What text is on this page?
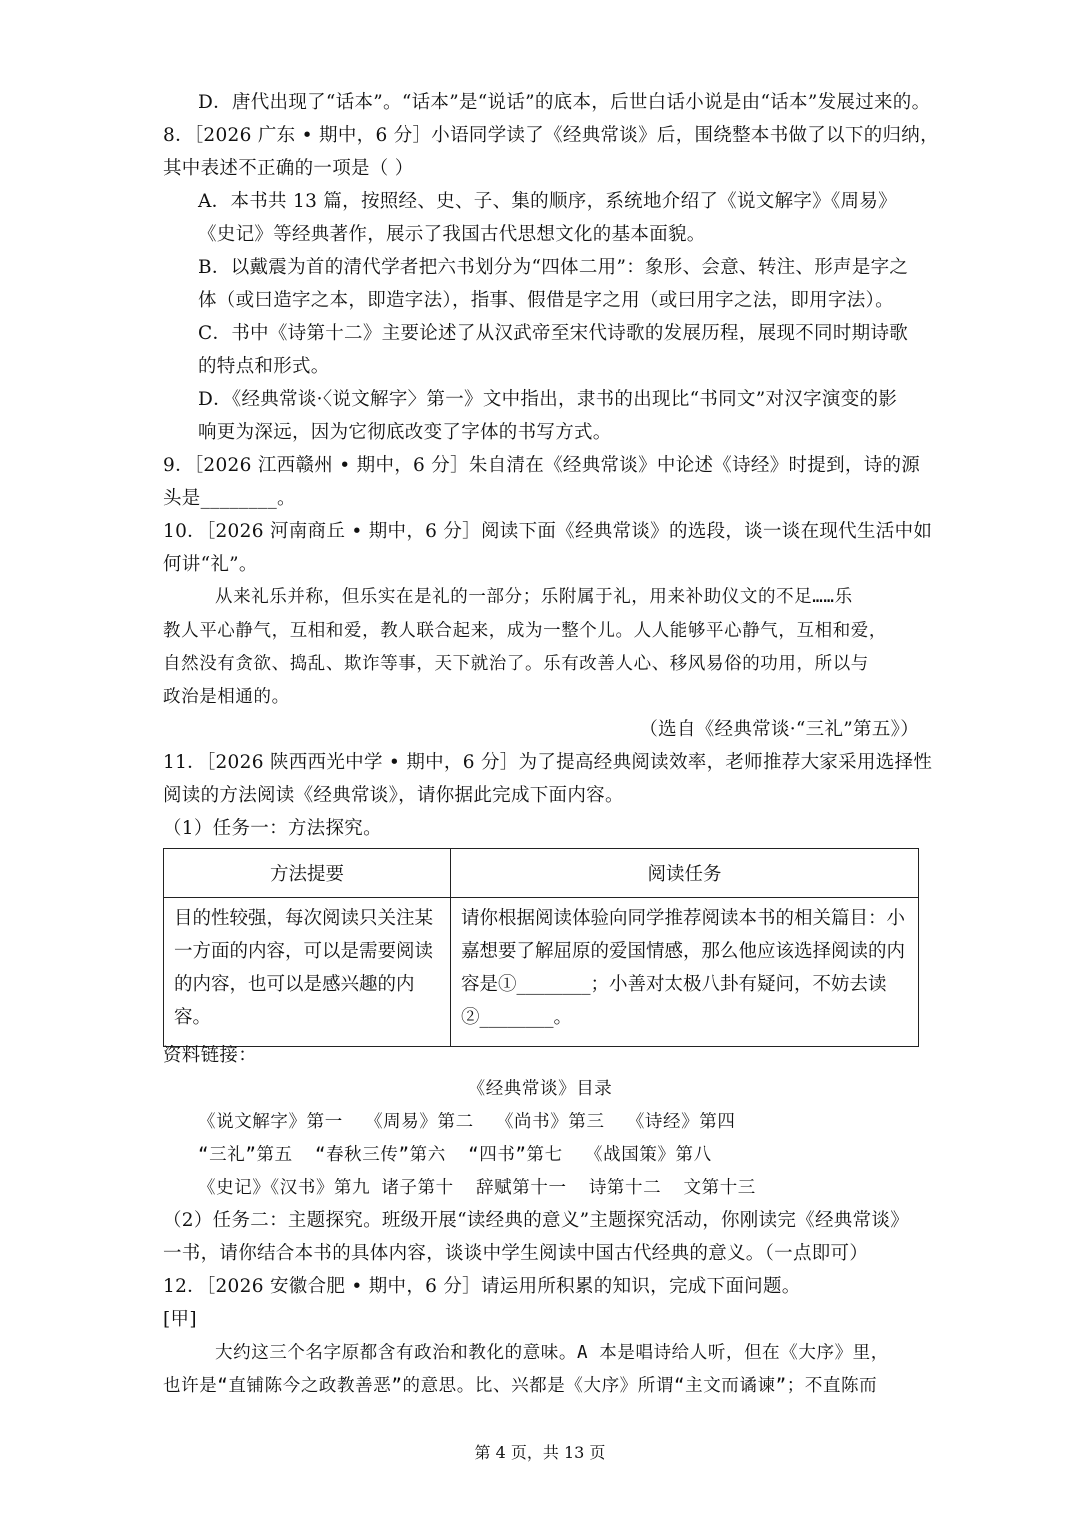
D．唐代出现了“话本”。“话本”是“说话”的底本，后世白话小说是由“话本”发展过来的。
8．［2026 广东 • 期中，6 分］小语同学读了《经典常谈》后，围绕整本书做了以下的归纳，
其中表述不正确的一项是（ ）
A．本书共 13 篇，按照经、史、子、集的顺序，系统地介绍了《说文解字》《周易》
《史记》等经典著作，展示了我国古代思想文化的基本面貌。
B．以戴震为首的清代学者把六书划分为“四体二用”：象形、会意、转注、形声是字之
体（或曰造字之本，即造字法），指事、假借是字之用（或曰用字之法，即用字法）。
C．书中《诗第十二》主要论述了从汉武帝至宋代诗歌的发展历程，展现不同时期诗歌
的特点和形式。
D．《经典常谈·〈说文解字〉第一》文中指出，隶书的出现比“书同文”对汉字演变的影
响更为深远，因为它彻底改变了字体的书写方式。
9．［2026 江西赣州 • 期中，6 分］朱自清在《经典常谈》中论述《诗经》时提到，诗的源
头是________。
10．［2026 河南商丘 • 期中，6 分］阅读下面《经典常谈》的选段，谈一谈在现代生活中如
何讲“礼”。
从来礼乐并称，但乐实在是礼的一部分；乐附属于礼，用来补助仪文的不足……乐
教人平心静气，互相和爱，教人联合起来，成为一整个儿。人人能够平心静气，互相和爱，
自然没有贪欲、捣乱、欺诈等事，天下就治了。乐有改善人心、移风易俗的功用，所以与
政治是相通的。
（选自《经典常谈·“三礼”第五》）
11．［2026 陕西西光中学 • 期中，6 分］为了提高经典阅读效率，老师推荐大家采用选择性
阅读的方法阅读《经典常谈》，请你据此完成下面内容。
（1）任务一：方法探究。
方法提要	阅读任务
目的性较强，每次阅读只关注某一方面的内容，可以是需要阅读的内容，也可以是感兴趣的内容。	请你根据阅读体验向同学推荐阅读本书的相关篇目：小嘉想要了解屈原的爱国情感，那么他应该选择阅读的内容是①________；小善对太极八卦有疑问，不妨去读②________。
资料链接：
《经典常谈》目录
《说文解字》第一  《周易》第二  《尚书》第三  《诗经》第四
“三礼”第五  “春秋三传”第六  “四书”第七  《战国策》第八
《史记》《汉书》第九 诸子第十  辞赋第十一  诗第十二  文第十三
（2）任务二：主题探究。班级开展“读经典的意义”主题探究活动，你刚读完《经典常谈》
一书，请你结合本书的具体内容，谈谈中学生阅读中国古代经典的意义。（一点即可）
12．［2026 安徽合肥 • 期中，6 分］请运用所积累的知识，完成下面问题。
[甲]
大约这三个名字原都含有政治和教化的意味。A 本是唱诗给人听，但在《大序》里，
也许是“直铺陈今之政教善恶”的意思。比、兴都是《大序》所谓“主文而谲谏”；不直陈而
第 4 页，共 13 页
